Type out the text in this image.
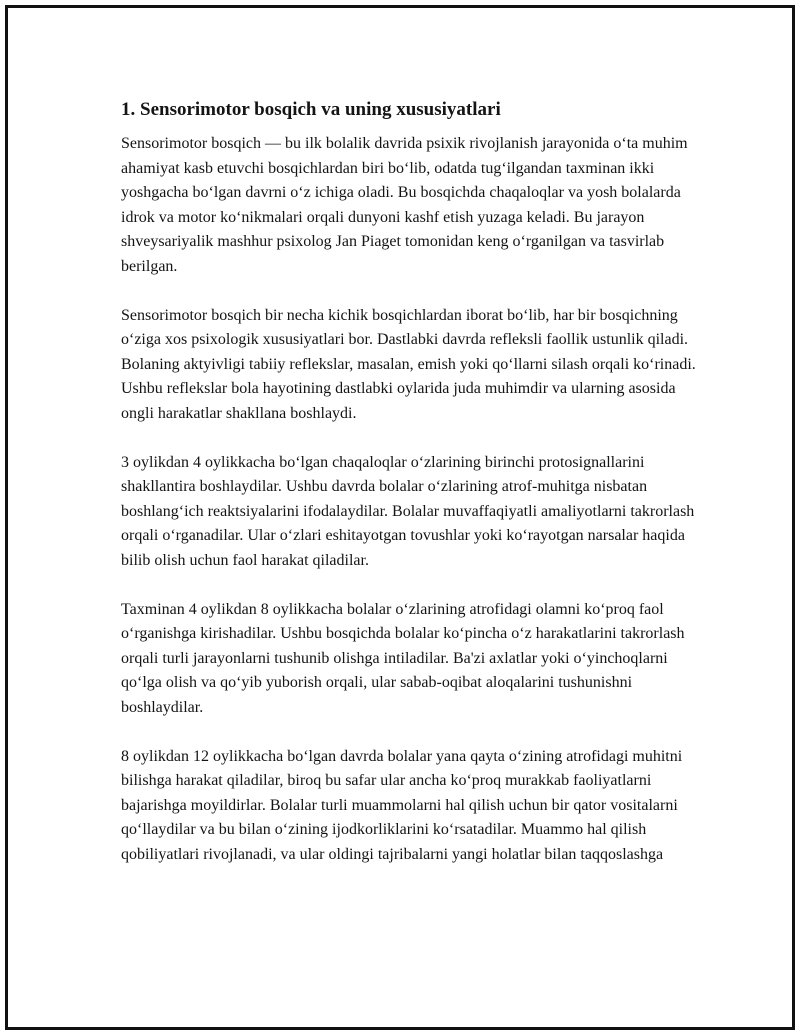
1. Sensorimotor bosqich va uning xususiyatlari

Sensorimotor bosqich — bu ilk bolalik davrida psixik rivojlanish jarayonida o‘ta muhim ahamiyat kasb etuvchi bosqichlardan biri bo‘lib, odatda tug‘ilgandan taxminan ikki yoshgacha bo‘lgan davrni o‘z ichiga oladi. Bu bosqichda chaqaloqlar va yosh bolalarda idrok va motor ko‘nikmalari orqali dunyoni kashf etish yuzaga keladi. Bu jarayon shveysariyalik mashhur psixolog Jan Piaget tomonidan keng o‘rganilgan va tasvirlab berilgan.

Sensorimotor bosqich bir necha kichik bosqichlardan iborat bo‘lib, har bir bosqichning o‘ziga xos psixologik xususiyatlari bor. Dastlabki davrda refleksli faollik ustunlik qiladi. Bolaning aktyivligi tabiiy reflekslar, masalan, emish yoki qo‘llarni silash orqali ko‘rinadi. Ushbu reflekslar bola hayotining dastlabki oylarida juda muhimdir va ularning asosida ongli harakatlar shakllana boshlaydi.

3 oylikdan 4 oylikkacha bo‘lgan chaqaloqlar o‘zlarining birinchi protosignallarini shakllantira boshlaydilar. Ushbu davrda bolalar o‘zlarining atrof-muhitga nisbatan boshlang‘ich reaktsiyalarini ifodalaydilar. Bolalar muvaffaqiyatli amaliyotlarni takrorlash orqali o‘rganadilar. Ular o‘zlari eshitayotgan tovushlar yoki ko‘rayotgan narsalar haqida bilib olish uchun faol harakat qiladilar.

Taxminan 4 oylikdan 8 oylikkacha bolalar o‘zlarining atrofidagi olamni ko‘proq faol o‘rganishga kirishadilar. Ushbu bosqichda bolalar ko‘pincha o‘z harakatlarini takrorlash orqali turli jarayonlarni tushunib olishga intiladilar. Ba'zi axlatlar yoki o‘yinchoqlarni qo‘lga olish va qo‘yib yuborish orqali, ular sabab-oqibat aloqalarini tushunishni boshlaydilar.

8 oylikdan 12 oylikkacha bo‘lgan davrda bolalar yana qayta o‘zining atrofidagi muhitni bilishga harakat qiladilar, biroq bu safar ular ancha ko‘proq murakkab faoliyatlarni bajarishga moyildirlar. Bolalar turli muammolarni hal qilish uchun bir qator vositalarni qo‘llaydilar va bu bilan o‘zining ijodkorliklarini ko‘rsatadilar. Muammo hal qilish qobiliyatlari rivojlanadi, va ular oldingi tajribalarni yangi holatlar bilan taqqoslashga
